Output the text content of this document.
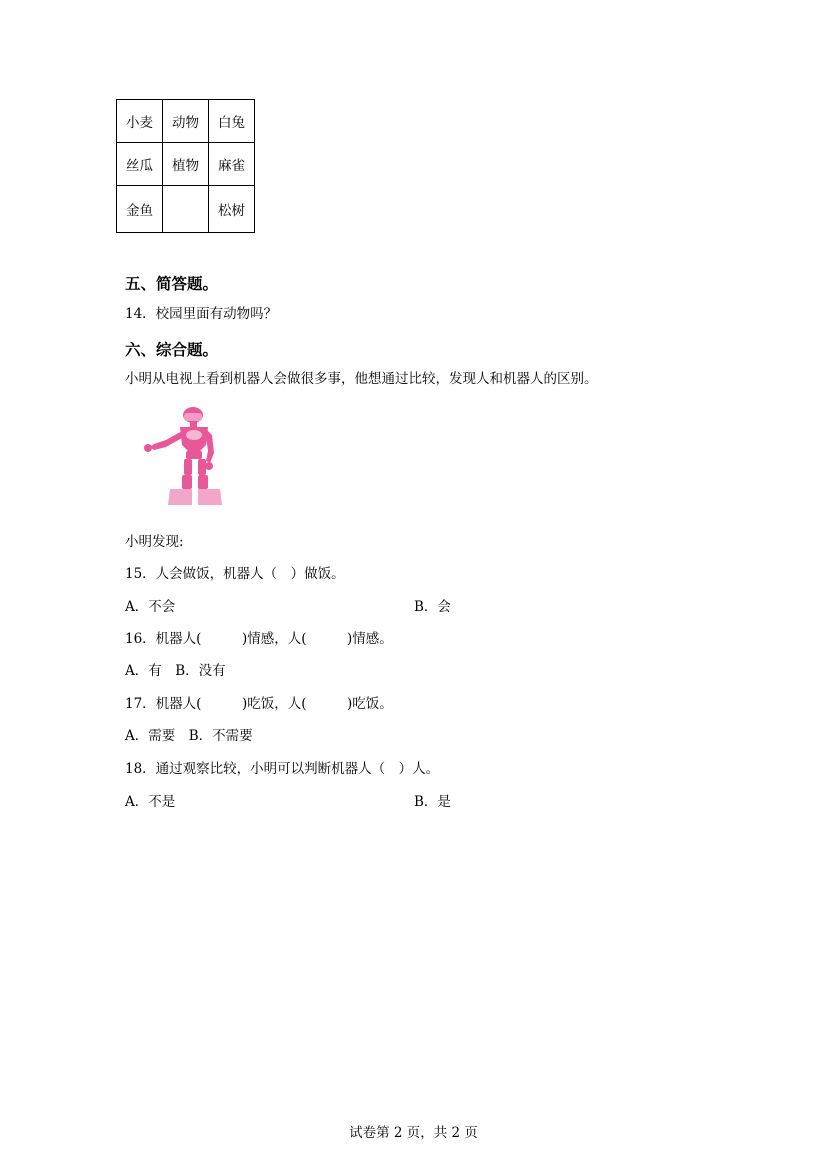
小麦	动物	白兔
丝瓜	植物	麻雀
金鱼		松树
五、简答题。
14．校园里面有动物吗？
六、综合题。
小明从电视上看到机器人会做很多事，他想通过比较，发现人和机器人的区别。
小明发现:
15．人会做饭，机器人（　）做饭。
A．不会	B．会
16．机器人(　　　)情感，人(　　　)情感。
A．有　B．没有
17．机器人(　　　)吃饭，人(　　　)吃饭。
A．需要　B．不需要
18．通过观察比较，小明可以判断机器人（　）人。
A．不是	B．是
试卷第 2 页，共 2 页
